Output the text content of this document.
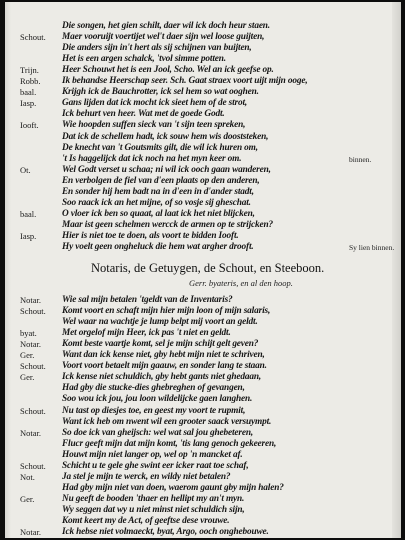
Die songen, het gien schilt, daer wil ick doch heur staen.
Schout. Maer vooruijt voertijet wel't daer sijn wel loose guijten,
Die anders sijn in't hert als sij schijnen van buijten,
Het is een argen schalck, 'tvol simme potten.
Trijn. Heer Schouwt het is een Jool, Scho. Wel an ick geefse op.
Robb. Ik behandse Heerschap seer. Sch. Gaat straex voort uijt mijn ooge,
baal.	Krijgh ick de Bauchrotter, ick sel hem so wat ooghen.
Iasp.	Gans lijden dat ick mocht ick sieet hem of de strot,
Ick behurt ven heer. Wat met de goede Godt.
Iooft.	Wie hoopden suffen sieck van 't sijn teen spreken,
Dat ick de schellem hadt, ick souw hem wis dooststeken,
De knecht van 't Goutsmits gilt, die wil ick huren om,
't Is haggelijck dat ick noch na het myn keer om.	binnen.
Ot.	Wel Godt verset u schaa; ni wil ick ooch gaan wanderen,
En verbolgen de fiel van d'een plaats op den anderen,
En sonder hij hem badt na in d'een in d'ander stadt,
Soo raack ick an het mijne, of so vosje sij gheschat.
baal.	O vloer ick ben so quaat, al laat ick het niet blijcken,
Maar ist geen schelmen wercck de armen op te strijcken?
Iasp.	Hier is niet toe te doen, als voort te bidden Iooft.
Hy voelt geen ongheluck die hem wat argher drooft.	Sy lien binnen.
Notaris, de Getuygen, de Schout, en Steeboon.
Gerr. byateris, en al den hoop.
Notar. Wie sal mijn betalen 'tgeldt van de Inventaris?
Schout. Komt voort en schaft mijn hier mijn loon of mijn salaris,
Wel waar na wachtje je lump belpt mij voort an geldt.
byat.	Met orgelof mijn Heer, ick pas 't niet en geldt.
Notar. Komt beste vaartje komt, sel je mijn schijt gelt geven?
Ger.	Want dan ick kense niet, gby hebt mijn niet te schriven,
Schout. Voort voort betaelt mijn gaauw, en sonder lang te staan.
Ger.	Ick kense niet schuldich, gby hebt gants niet ghedaan,
Had gby die stucke-dies ghebreghen of gevangen,
Soo wou ick jou, jou loon wildelijcke gaen langhen.
Schout. Nu tast op diesjes toe, en geest my voort te rupmit,
Want ick heb om nwent wil een grooter saack versuympt.
Notar. So doe ick van gheijsch: wel wat sal jou ghebeteren,
Flucr geeft mijn dat mijn komt, 'tis lang genoch gekeeren,
Houwt mijn niet langer op, wel op 'n mancket af.
Schout. Schicht u te gele ghe swint eer icker raat toe schaf,
Not.	Ja stel je mijn te werck, en wildy niet betalen?
Had gby mijn niet van doen, waerom gaunt gby mijn halen?
Ger.	Nu geeft de booden 'thaer en hellipt my an't myn.
Wy seggen dat wy u niet minst niet schuldich sijn,
Komt keert my de Act, of geeftse dese vrouwe.
Notar. Ick hebse niet volmaeckt, byat, Argo, ooch onghebouwe.
